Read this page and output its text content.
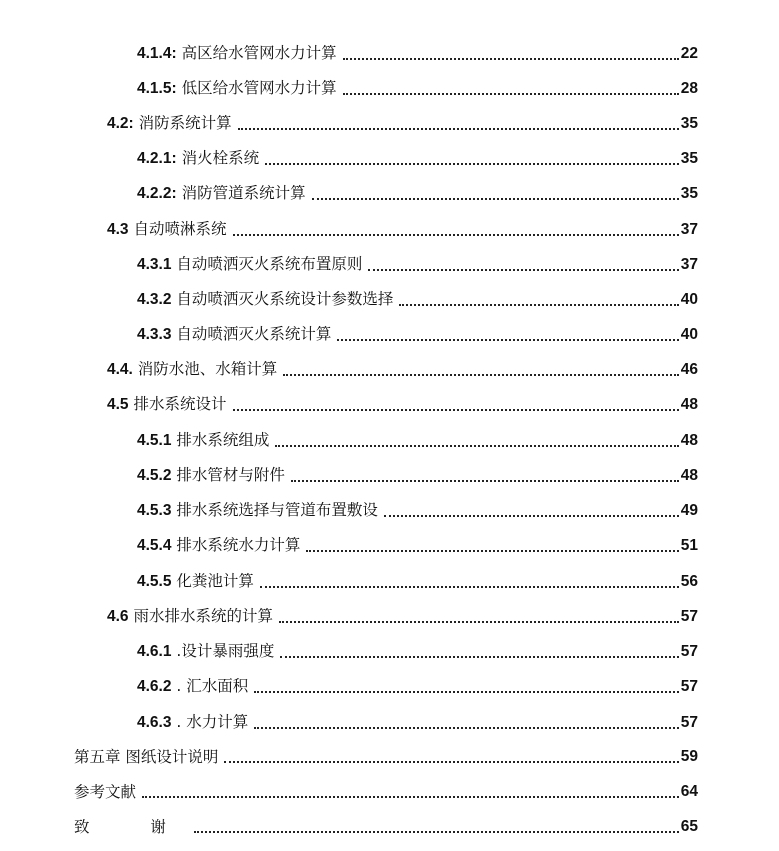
4.1.4: 高区给水管网水力计算	22
4.1.5: 低区给水管网水力计算	28
4.2: 消防系统计算	35
4.2.1: 消火栓系统	35
4.2.2: 消防管道系统计算	35
4.3 自动喷淋系统	37
4.3.1 自动喷洒灭火系统布置原则	37
4.3.2 自动喷洒灭火系统设计参数选择	40
4.3.3 自动喷洒灭火系统计算	40
4.4. 消防水池、水箱计算	46
4.5 排水系统设计	48
4.5.1 排水系统组成	48
4.5.2 排水管材与附件	48
4.5.3 排水系统选择与管道布置敷设	49
4.5.4 排水系统水力计算	51
4.5.5 化粪池计算	56
4.6 雨水排水系统的计算	57
4.6.1 .设计暴雨强度	57
4.6.2 . 汇水面积	57
4.6.3 . 水力计算	57
第五章 图纸设计说明	59
参考文献	64
致 谢	65
